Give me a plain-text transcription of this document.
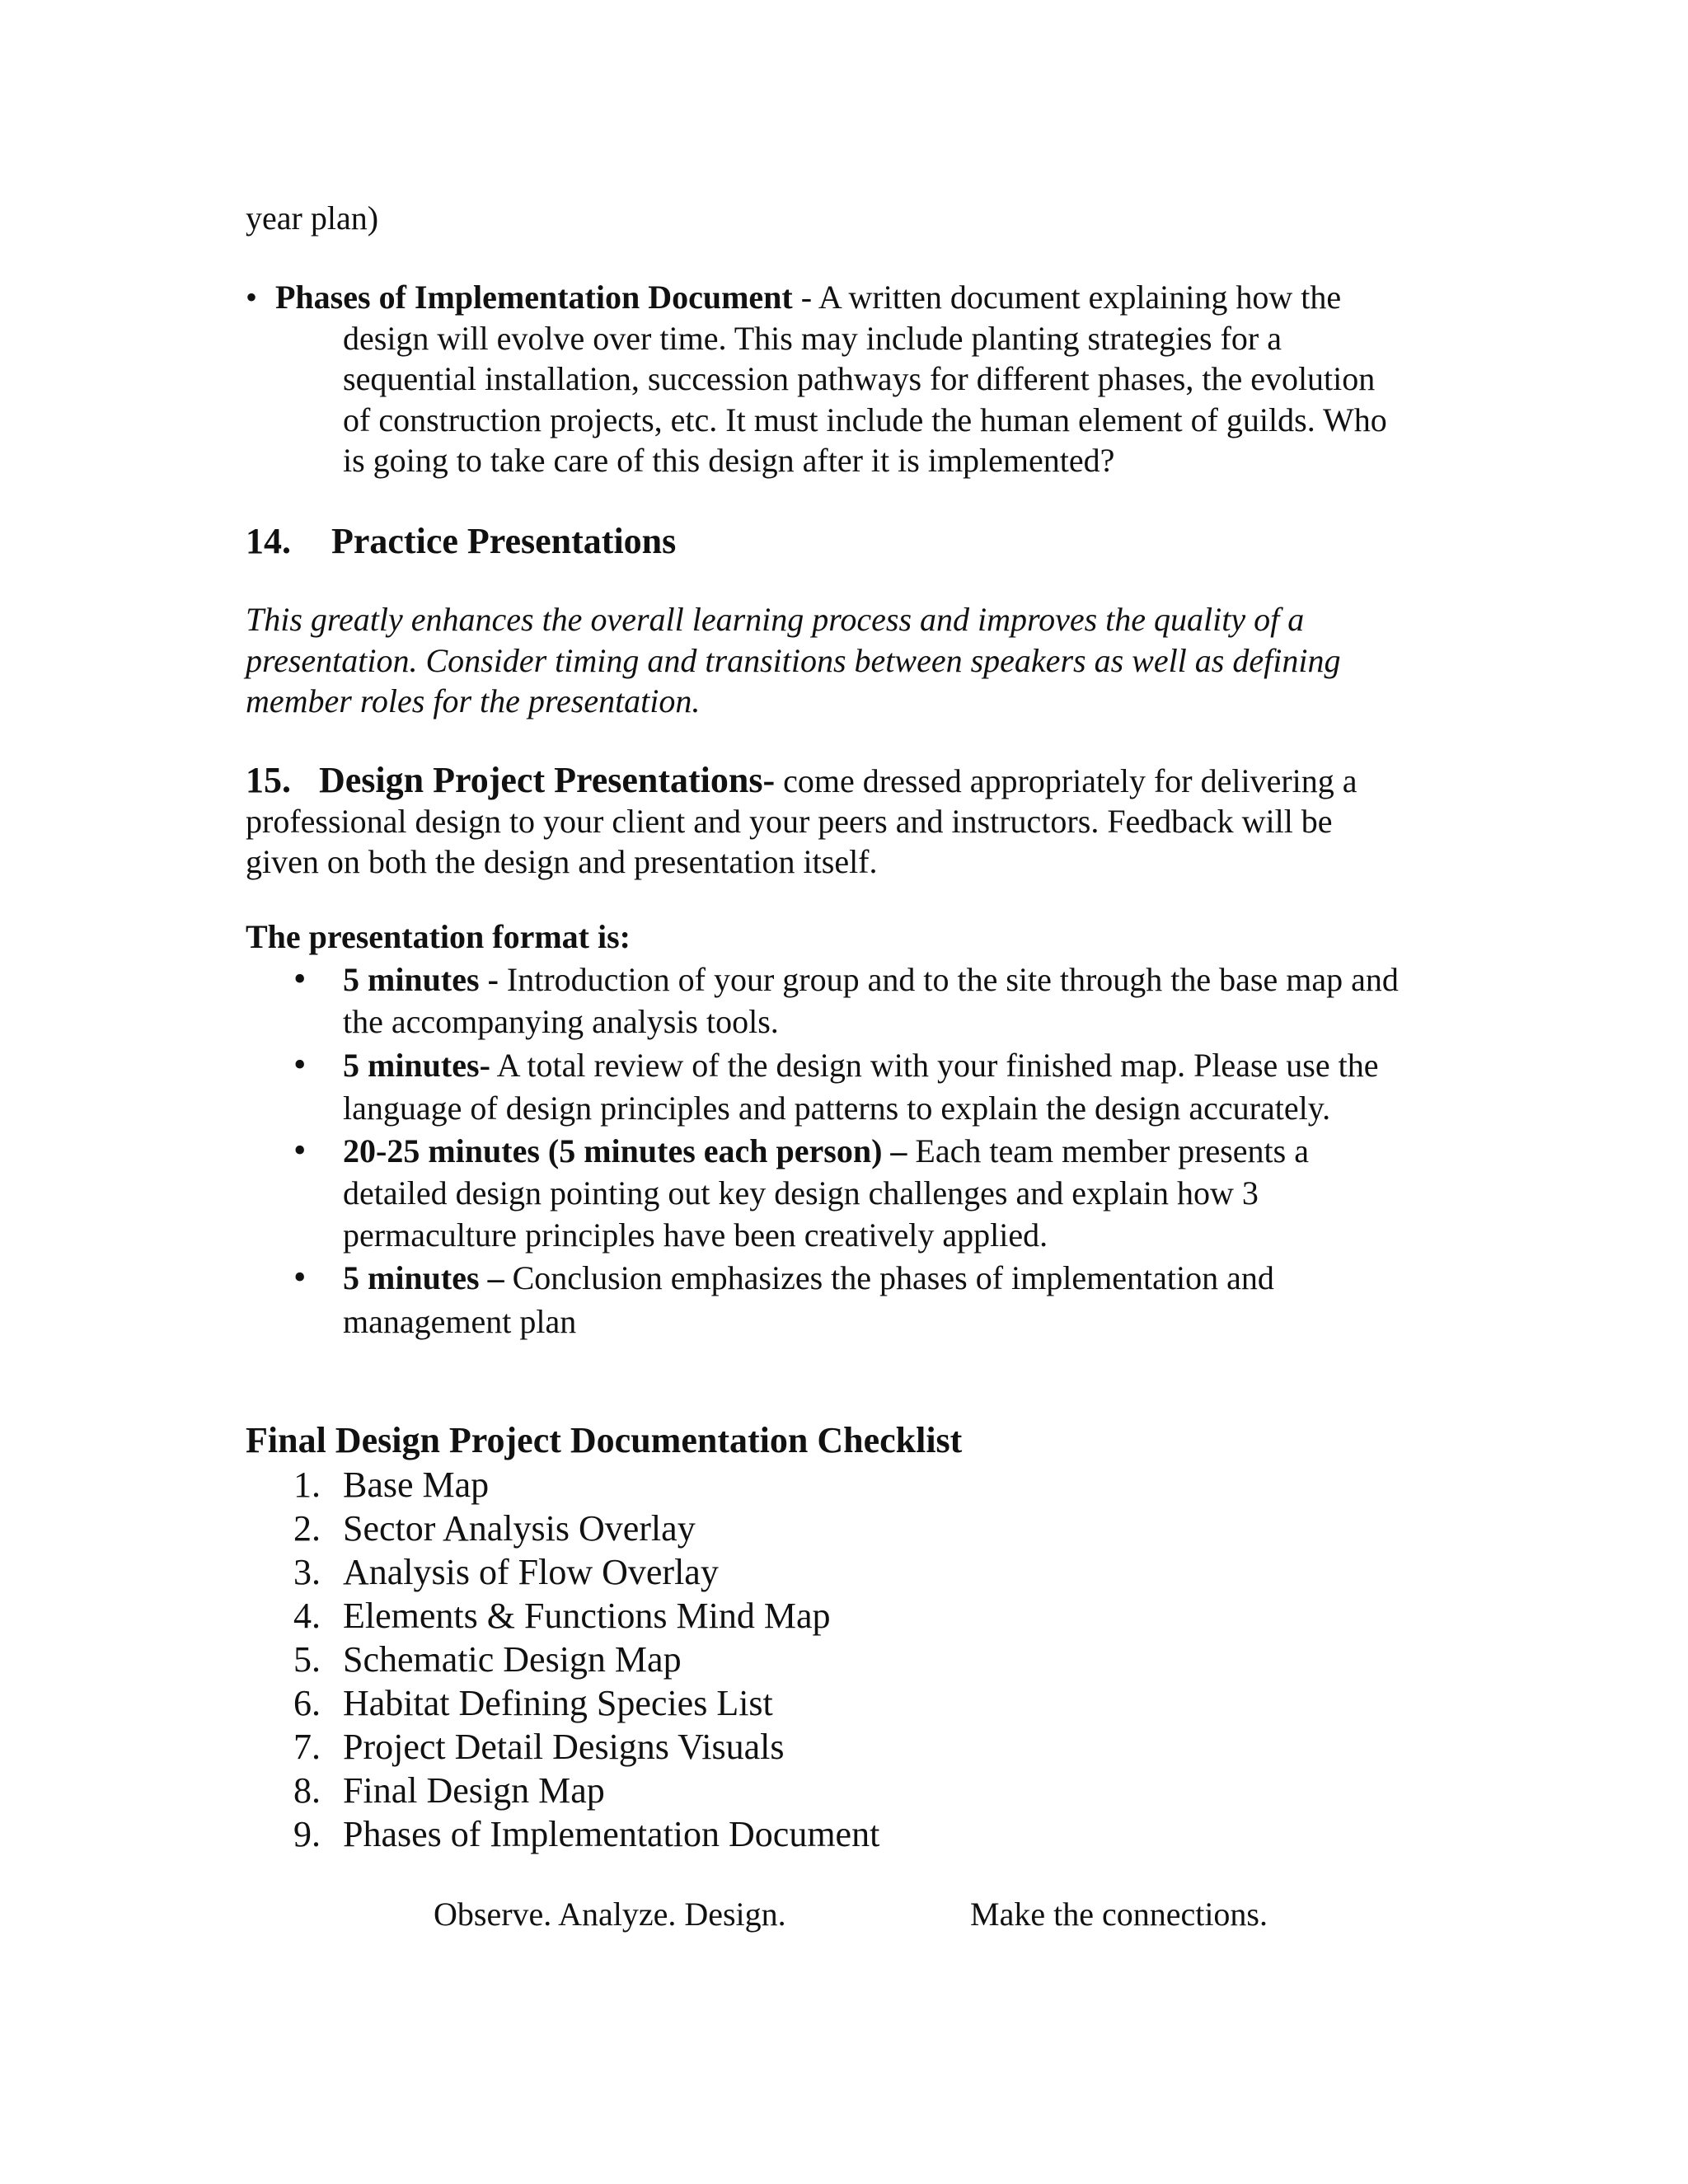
year plan)

• Phases of Implementation Document - A written document explaining how the

design will evolve over time. This may include planting strategies for a

sequential installation, succession pathways for different phases, the evolution

of construction projects, etc. It must include the human element of guilds. Who

is going to take care of this design after it is implemented?

14. Practice Presentations

This greatly enhances the overall learning process and improves the quality of a

presentation. Consider timing and transitions between speakers as well as defining

member roles for the presentation.

15. Design Project Presentations- come dressed appropriately for delivering a

professional design to your client and your peers and instructors. Feedback will be

given on both the design and presentation itself.

The presentation format is:

• 5 minutes - Introduction of your group and to the site through the base map and

the accompanying analysis tools.

• 5 minutes- A total review of the design with your finished map. Please use the

language of design principles and patterns to explain the design accurately.

• 20-25 minutes (5 minutes each person) – Each team member presents a

detailed design pointing out key design challenges and explain how 3

permaculture principles have been creatively applied.

• 5 minutes – Conclusion emphasizes the phases of implementation and

management plan

Final Design Project Documentation Checklist

1. Base Map

2. Sector Analysis Overlay

3. Analysis of Flow Overlay

4. Elements & Functions Mind Map

5. Schematic Design Map

6. Habitat Defining Species List

7. Project Detail Designs Visuals

8. Final Design Map

9. Phases of Implementation Document

Observe. Analyze. Design.	Make the connections.
